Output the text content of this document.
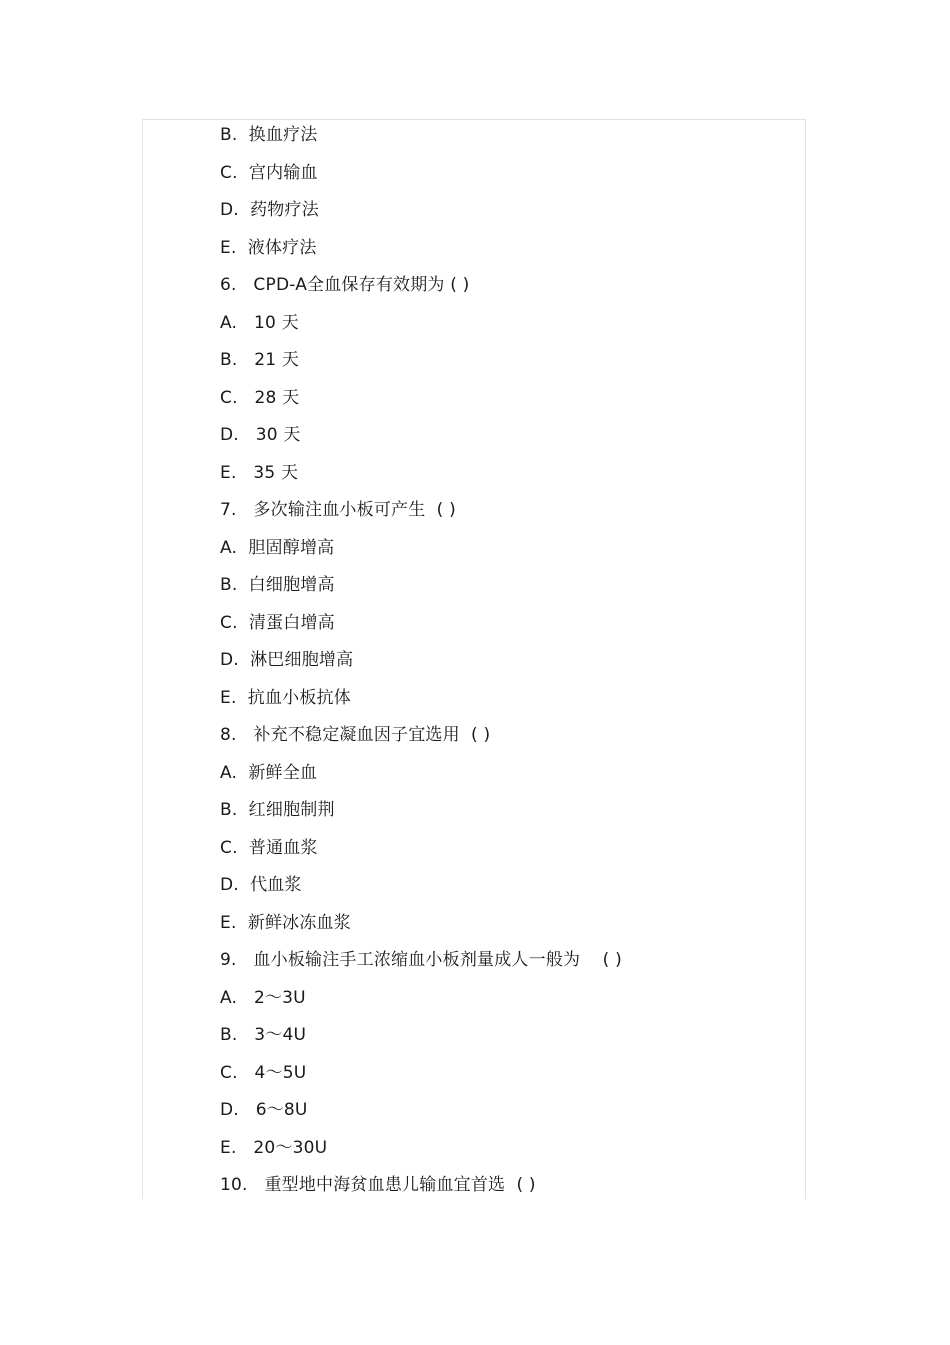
B.  换血疗法
C.  宫内输血
D.  药物疗法
E.  液体疗法
6.   CPD-A全血保存有效期为 ( )
A.   10 天
B.   21 天
C.   28 天
D.   30 天
E.   35 天
7.   多次输注血小板可产生  ( )
A.  胆固醇增高
B.  白细胞增高
C.  清蛋白增高
D.  淋巴细胞增高
E.  抗血小板抗体
8.   补充不稳定凝血因子宜选用  ( )
A.  新鲜全血
B.  红细胞制荆
C.  普通血浆
D.  代血浆
E.  新鲜冰冻血浆
9.   血小板输注手工浓缩血小板剂量成人一般为    ( )
A.   2～3U
B.   3～4U
C.   4～5U
D.   6～8U
E.   20～30U
10.   重型地中海贫血患儿输血宜首选  ( )
